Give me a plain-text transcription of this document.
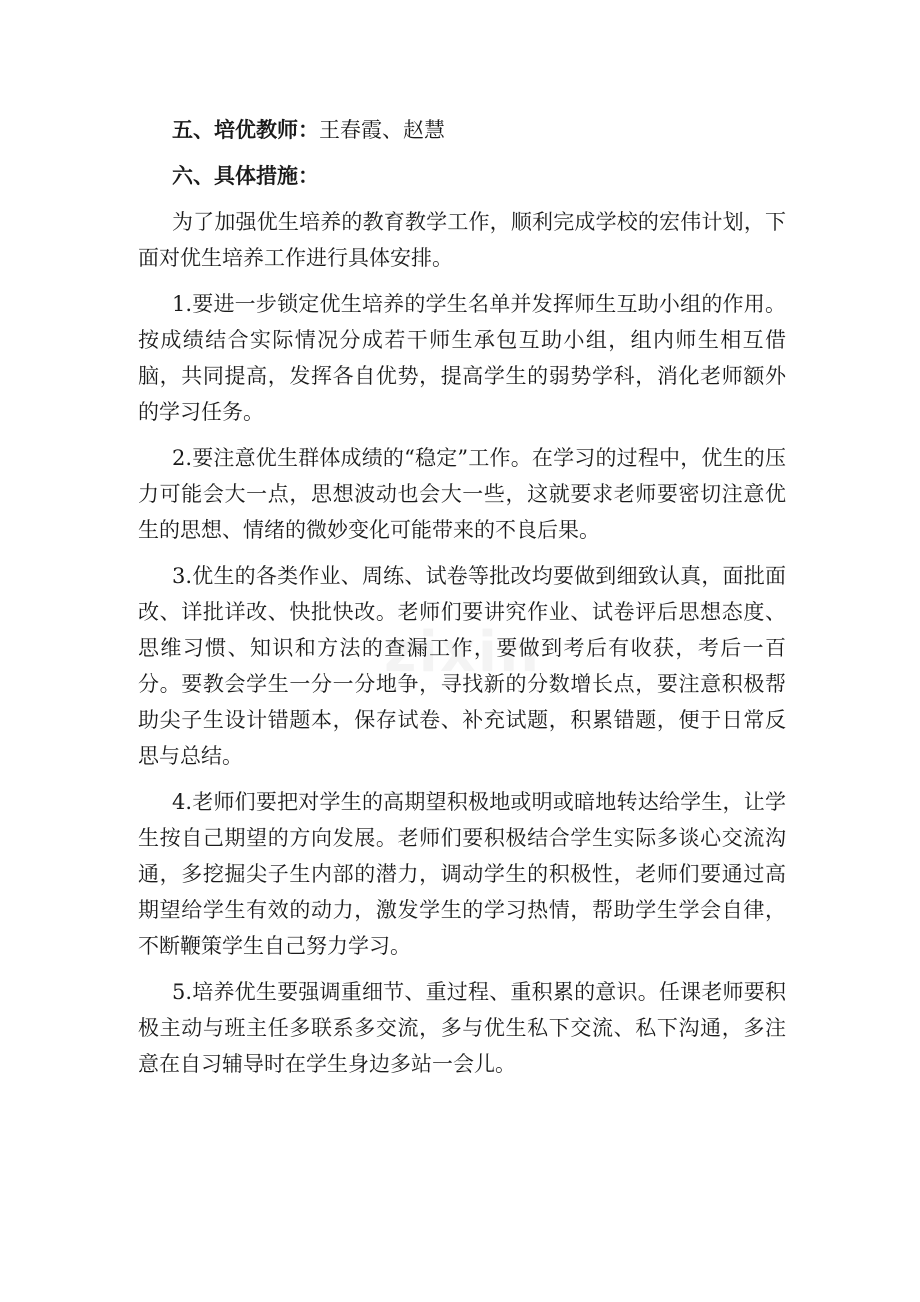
五、培优教师：王春霞、赵慧

六、具体措施：

为了加强优生培养的教育教学工作，顺利完成学校的宏伟计划，下面对优生培养工作进行具体安排。

1.要进一步锁定优生培养的学生名单并发挥师生互助小组的作用。按成绩结合实际情况分成若干师生承包互助小组，组内师生相互借脑，共同提高，发挥各自优势，提高学生的弱势学科，消化老师额外的学习任务。

2.要注意优生群体成绩的“稳定”工作。在学习的过程中，优生的压力可能会大一点，思想波动也会大一些，这就要求老师要密切注意优生的思想、情绪的微妙变化可能带来的不良后果。

3.优生的各类作业、周练、试卷等批改均要做到细致认真，面批面改、详批详改、快批快改。老师们要讲究作业、试卷评后思想态度、思维习惯、知识和方法的查漏工作，要做到考后有收获，考后一百分。要教会学生一分一分地争，寻找新的分数增长点，要注意积极帮助尖子生设计错题本，保存试卷、补充试题，积累错题，便于日常反思与总结。

4.老师们要把对学生的高期望积极地或明或暗地转达给学生，让学生按自己期望的方向发展。老师们要积极结合学生实际多谈心交流沟通，多挖掘尖子生内部的潜力，调动学生的积极性，老师们要通过高期望给学生有效的动力，激发学生的学习热情，帮助学生学会自律，不断鞭策学生自己努力学习。

5.培养优生要强调重细节、重过程、重积累的意识。任课老师要积极主动与班主任多联系多交流，多与优生私下交流、私下沟通，多注意在自习辅导时在学生身边多站一会儿。
